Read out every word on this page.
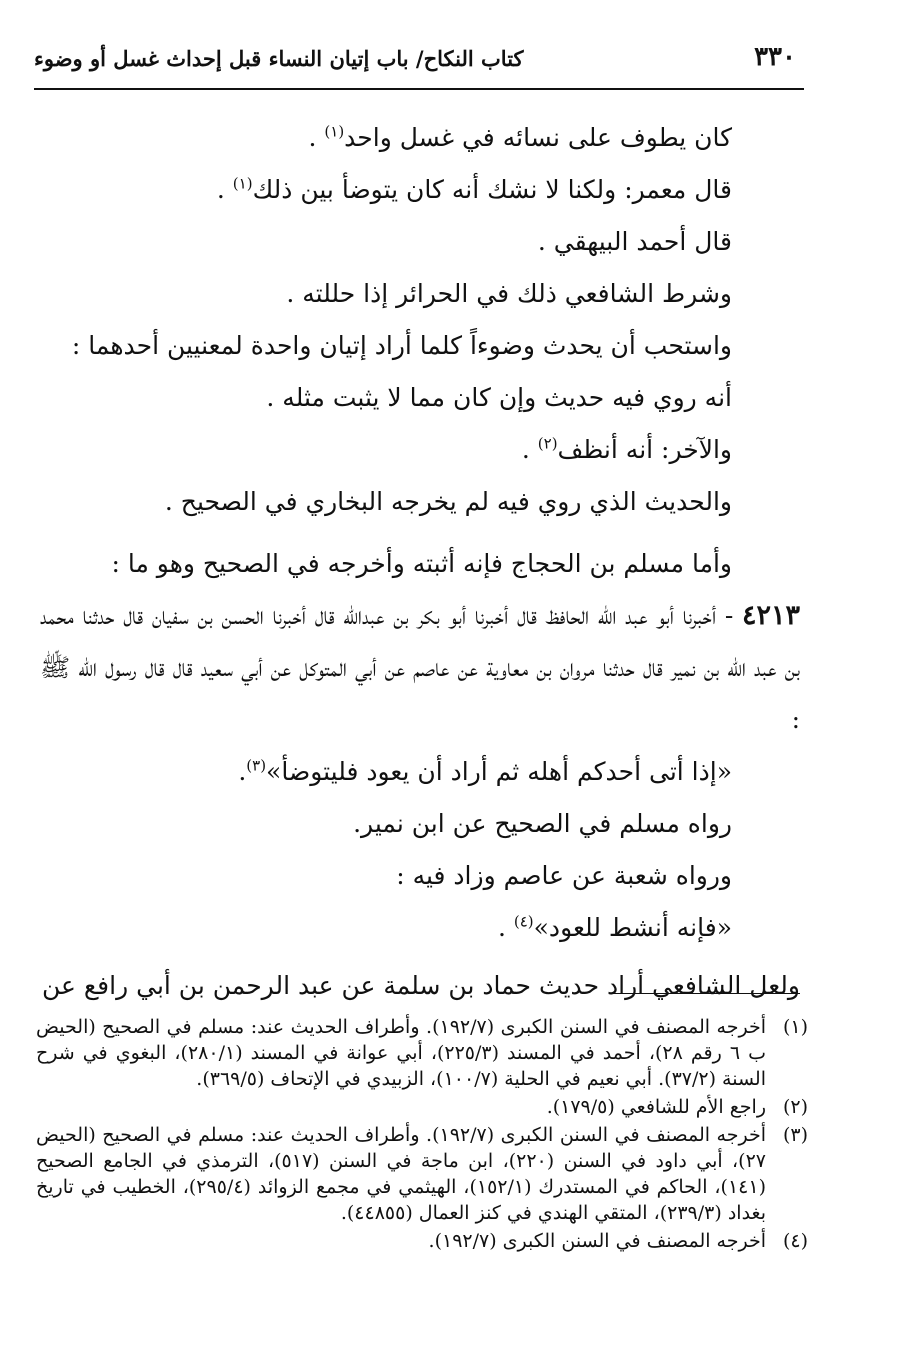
٣٣٠
كتاب النكاح/ باب إتيان النساء قبل إحداث غسل أو وضوء

كان يطوف على نسائه في غسل واحد$^{(١)}$ .

قال معمر: ولكنا لا نشك أنه كان يتوضأ بين ذلك$^{(١)}$ .

قال أحمد البيهقي .

وشرط الشافعي ذلك في الحرائر إذا حللته .

واستحب أن يحدث وضوءاً كلما أراد إتيان واحدة لمعنيين أحدهما :

أنه روي فيه حديث وإن كان مما لا يثبت مثله .

والآخر: أنه أنظف$^{(٢)}$ .

والحديث الذي روي فيه لم يخرجه البخاري في الصحيح .

وأما مسلم بن الحجاج فإنه أثبته وأخرجه في الصحيح وهو ما :

٤٢١٣ - أخبرنا أبو عبد الله الحافظ قال أخبرنا أبو بكر بن عبدالله قال أخبرنا الحسن بن سفيان قال حدثنا محمد بن عبد الله بن نمير قال حدثنا مروان بن معاوية عن عاصم عن أبي المتوكل عن أبي سعيد قال قال رسول الله ﷺ :

«إذا أتى أحدكم أهله ثم أراد أن يعود فليتوضأ»$^{(٣)}$.

رواه مسلم في الصحيح عن ابن نمير.

ورواه شعبة عن عاصم وزاد فيه :

«فإنه أنشط للعود»$^{(٤)}$ .

ولعل الشافعي أراد حديث حماد بن سلمة عن عبد الرحمن بن أبي رافع عن

(١)
أخرجه المصنف في السنن الكبرى (١٩٢/٧). وأطراف الحديث عند: مسلم في الصحيح (الحيض ب ٦ رقم ٢٨)، أحمد في المسند (٢٢٥/٣)، أبي عوانة في المسند (٢٨٠/١)، البغوي في شرح السنة (٣٧/٢). أبي نعيم في الحلية (١٠٠/٧)، الزبيدي في الإتحاف (٣٦٩/٥).

(٢)
راجع الأم للشافعي (١٧٩/٥).

(٣)
أخرجه المصنف في السنن الكبرى (١٩٢/٧). وأطراف الحديث عند: مسلم في الصحيح (الحيض ٢٧)، أبي داود في السنن (٢٢٠)، ابن ماجة في السنن (٥١٧)، الترمذي في الجامع الصحيح (١٤١)، الحاكم في المستدرك (١٥٢/١)، الهيثمي في مجمع الزوائد (٢٩٥/٤)، الخطيب في تاريخ بغداد (٢٣٩/٣)، المتقي الهندي في كنز العمال (٤٤٨٥٥).

(٤)
أخرجه المصنف في السنن الكبرى (١٩٢/٧).
